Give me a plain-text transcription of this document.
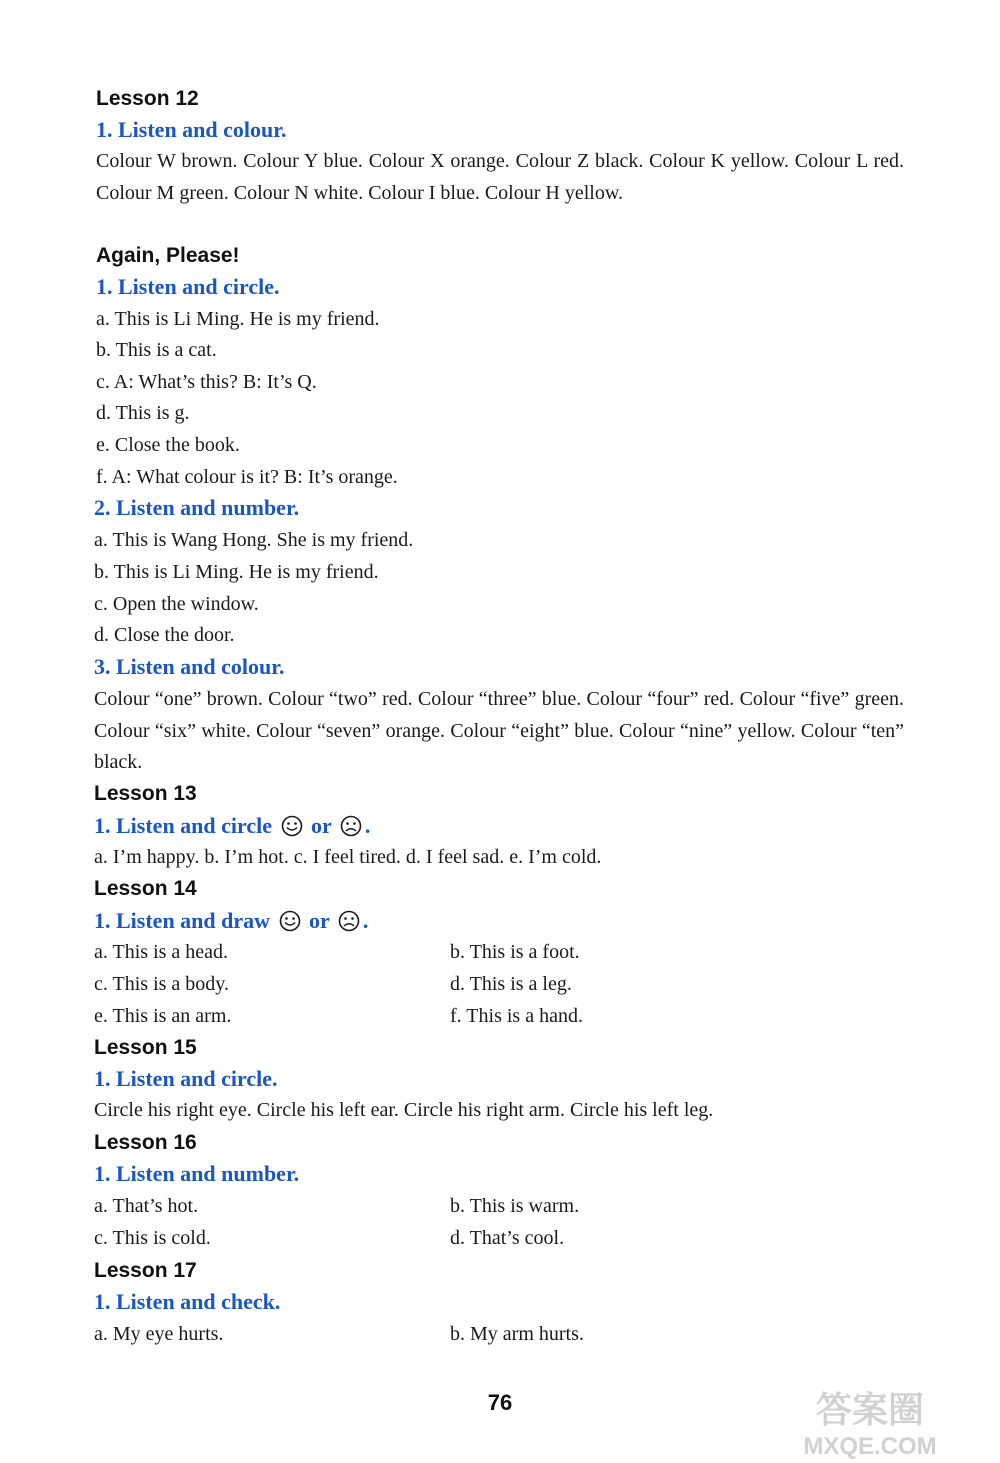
Lesson 12
1. Listen and colour.
Colour W brown. Colour Y blue. Colour X orange. Colour Z black. Colour K yellow. Colour L red. Colour M green. Colour N white. Colour I blue. Colour H yellow.
Again, Please!
1. Listen and circle.
a. This is Li Ming. He is my friend.
b. This is a cat.
c. A: What’s this? B: It’s Q.
d. This is g.
e. Close the book.
f. A: What colour is it? B: It’s orange.
2. Listen and number.
a. This is Wang Hong. She is my friend.
b. This is Li Ming. He is my friend.
c. Open the window.
d. Close the door.
3. Listen and colour.
Colour “one” brown. Colour “two” red. Colour “three” blue. Colour “four” red. Colour “five” green. Colour “six” white. Colour “seven” orange. Colour “eight” blue. Colour “nine” yellow. Colour “ten” black.
Lesson 13
1. Listen and circle or .
a. I’m happy. b. I’m hot. c. I feel tired. d. I feel sad. e. I’m cold.
Lesson 14
1. Listen and draw or .
a. This is a head.	b. This is a foot.
c. This is a body.	d. This is a leg.
e. This is an arm.	f. This is a hand.
Lesson 15
1. Listen and circle.
Circle his right eye. Circle his left ear. Circle his right arm. Circle his left leg.
Lesson 16
1. Listen and number.
a. That’s hot.	b. This is warm.
c. This is cold.	d. That’s cool.
Lesson 17
1. Listen and check.
a. My eye hurts.	b. My arm hurts.
76	答案圈
MXQE.COM
